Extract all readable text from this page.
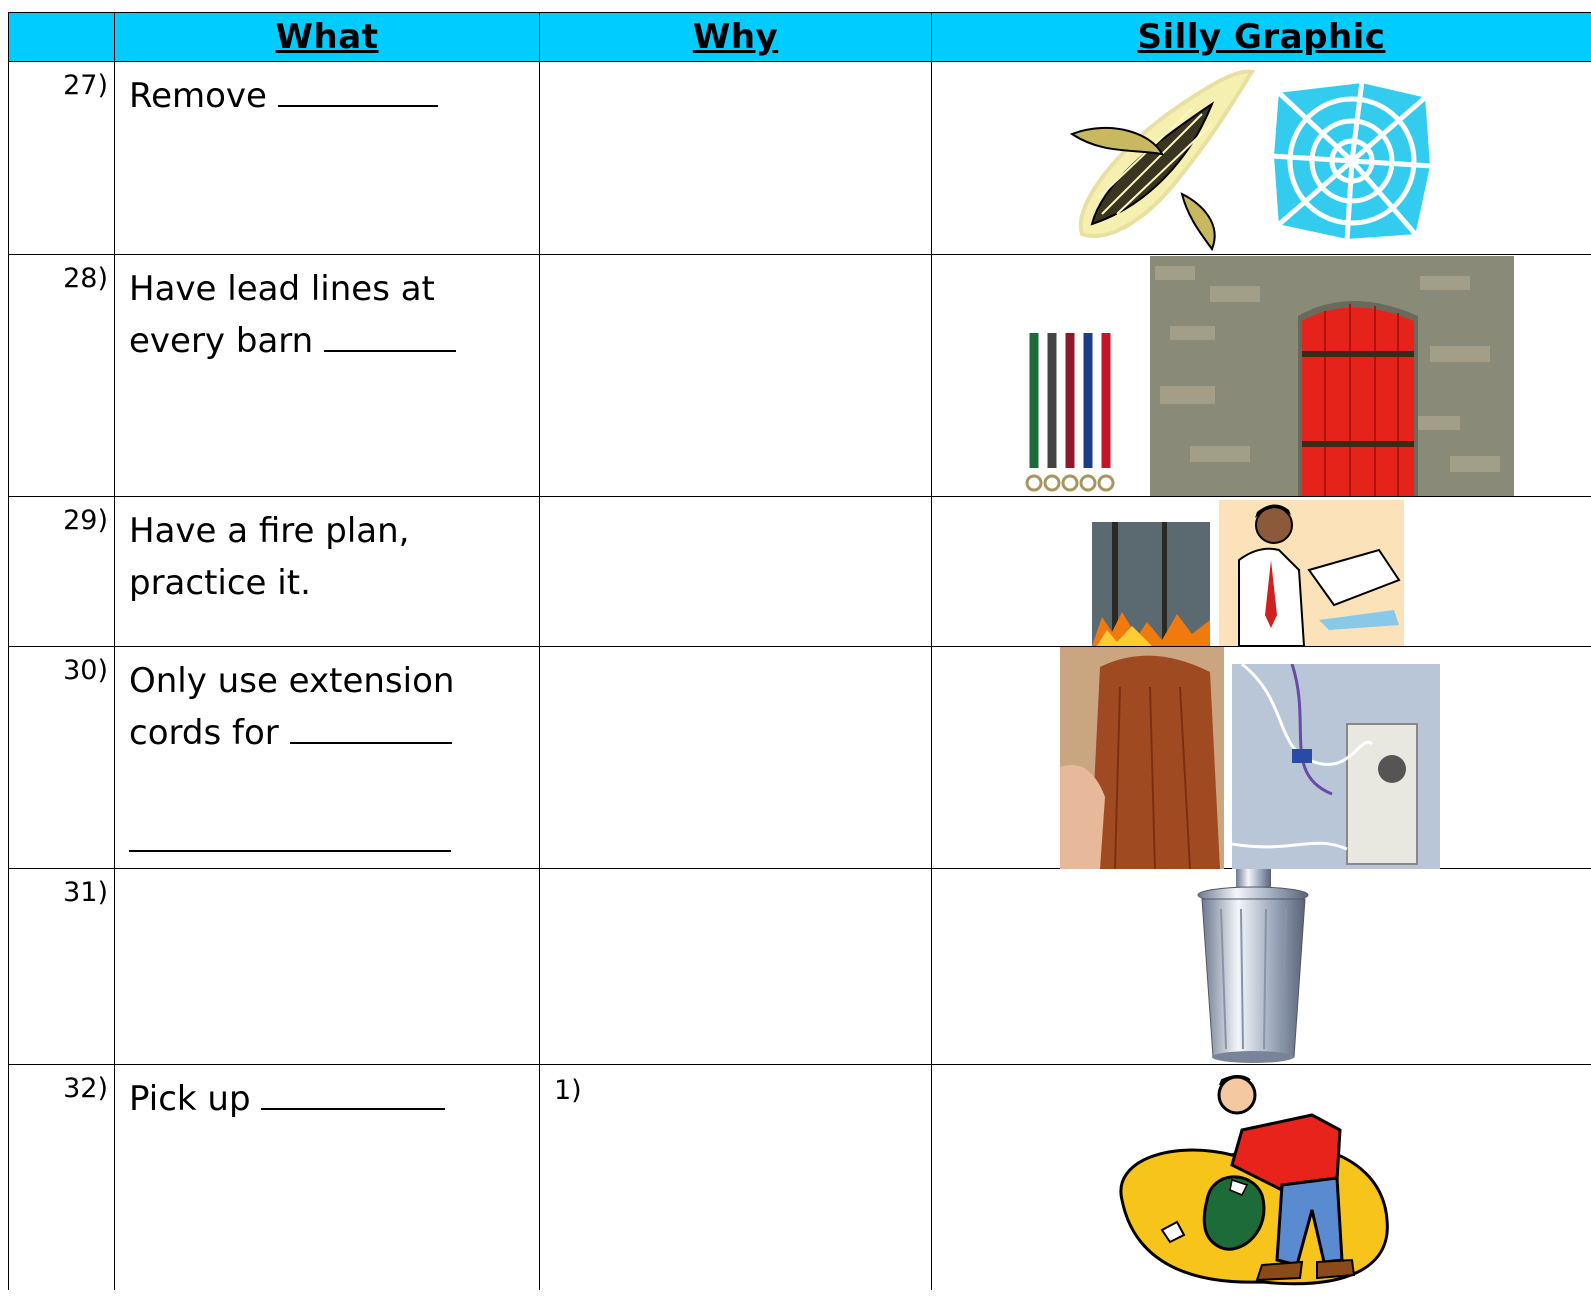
	What	Why	Silly Graphic
27)	Remove

28)	Have lead lines at
every barn

29)	Have a fire plan,
practice it.

30)	Only use extension
cords for

31)			

32)	Pick up	1)	
